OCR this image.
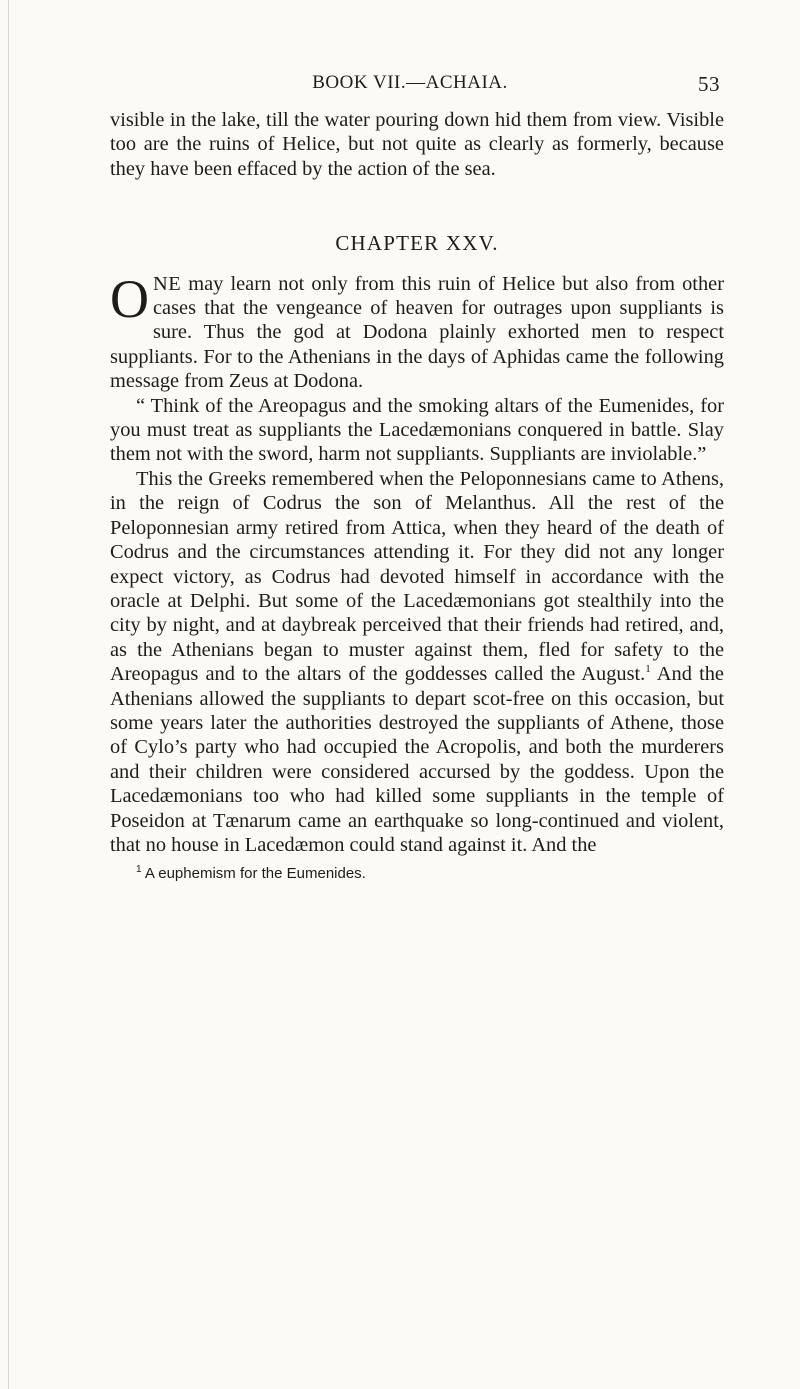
BOOK VII.—ACHAIA.	53

visible in the lake, till the water pouring down hid them from view. Visible too are the ruins of Helice, but not quite as clearly as formerly, because they have been effaced by the action of the sea.

CHAPTER XXV.

ONE may learn not only from this ruin of Helice but also from other cases that the vengeance of heaven for outrages upon suppliants is sure. Thus the god at Dodona plainly exhorted men to respect suppliants. For to the Athenians in the days of Aphidas came the following message from Zeus at Dodona.

“ Think of the Areopagus and the smoking altars of the Eumenides, for you must treat as suppliants the Lacedæmonians conquered in battle. Slay them not with the sword, harm not suppliants. Suppliants are inviolable.”

This the Greeks remembered when the Peloponnesians came to Athens, in the reign of Codrus the son of Melanthus. All the rest of the Peloponnesian army retired from Attica, when they heard of the death of Codrus and the circumstances attending it. For they did not any longer expect victory, as Codrus had devoted himself in accordance with the oracle at Delphi. But some of the Lacedæmonians got stealthily into the city by night, and at daybreak perceived that their friends had retired, and, as the Athenians began to muster against them, fled for safety to the Areopagus and to the altars of the goddesses called the August.$^1$ And the Athenians allowed the suppliants to depart scot-free on this occasion, but some years later the authorities destroyed the suppliants of Athene, those of Cylo’s party who had occupied the Acropolis, and both the murderers and their children were considered accursed by the goddess. Upon the Lacedæmonians too who had killed some suppliants in the temple of Poseidon at Tænarum came an earthquake so long-continued and violent, that no house in Lacedæmon could stand against it. And the

$^1$ A euphemism for the Eumenides.
